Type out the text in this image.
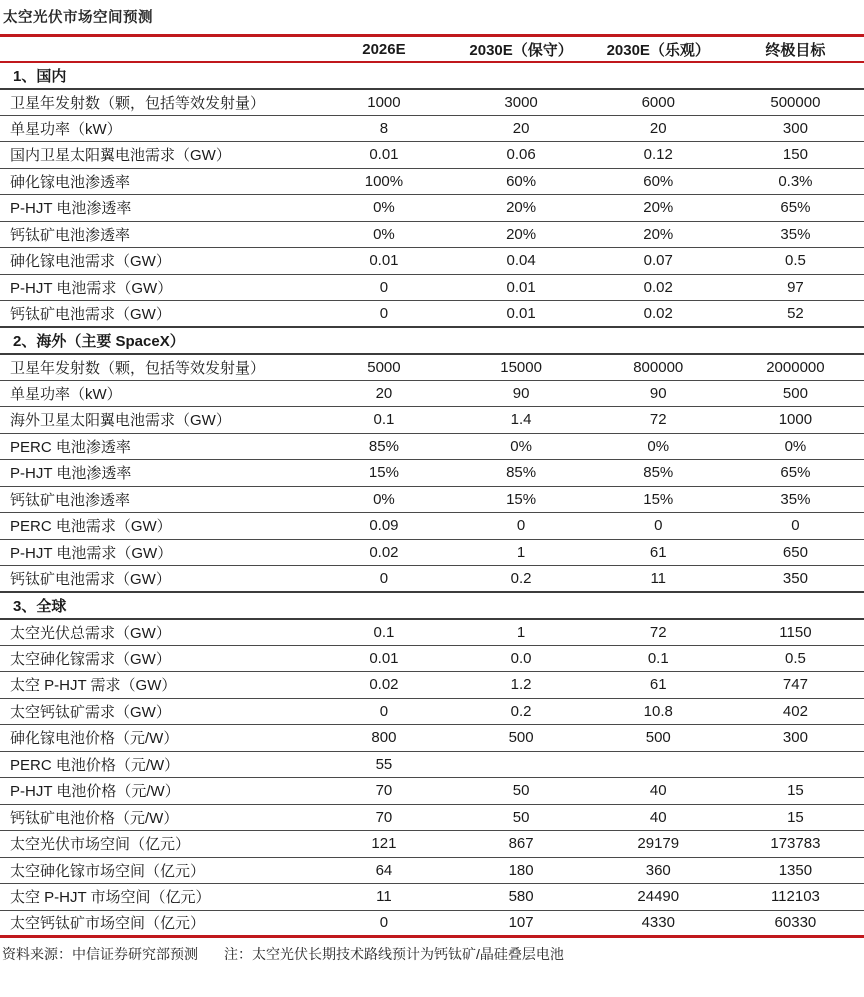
太空光伏市场空间预测
	2026E	2030E（保守）	2030E（乐观）	终极目标
1、国内				
卫星年发射数（颗，包括等效发射量）	1000	3000	6000	500000
单星功率（kW）	8	20	20	300
国内卫星太阳翼电池需求（GW）	0.01	0.06	0.12	150
砷化镓电池渗透率	100%	60%	60%	0.3%
P-HJT 电池渗透率	0%	20%	20%	65%
钙钛矿电池渗透率	0%	20%	20%	35%
砷化镓电池需求（GW）	0.01	0.04	0.07	0.5
P-HJT 电池需求（GW）	0	0.01	0.02	97
钙钛矿电池需求（GW）	0	0.01	0.02	52
2、海外（主要 SpaceX）				
卫星年发射数（颗，包括等效发射量）	5000	15000	800000	2000000
单星功率（kW）	20	90	90	500
海外卫星太阳翼电池需求（GW）	0.1	1.4	72	1000
PERC 电池渗透率	85%	0%	0%	0%
P-HJT 电池渗透率	15%	85%	85%	65%
钙钛矿电池渗透率	0%	15%	15%	35%
PERC 电池需求（GW）	0.09	0	0	0
P-HJT 电池需求（GW）	0.02	1	61	650
钙钛矿电池需求（GW）	0	0.2	11	350
3、全球				
太空光伏总需求（GW）	0.1	1	72	1150
太空砷化镓需求（GW）	0.01	0.0	0.1	0.5
太空 P-HJT 需求（GW）	0.02	1.2	61	747
太空钙钛矿需求（GW）	0	0.2	10.8	402
砷化镓电池价格（元/W）	800	500	500	300
PERC 电池价格（元/W）	55			
P-HJT 电池价格（元/W）	70	50	40	15
钙钛矿电池价格（元/W）	70	50	40	15
太空光伏市场空间（亿元）	121	867	29179	173783
太空砷化镓市场空间（亿元）	64	180	360	1350
太空 P-HJT 市场空间（亿元）	11	580	24490	112103
太空钙钛矿市场空间（亿元）	0	107	4330	60330
资料来源：中信证券研究部预测 注：太空光伏长期技术路线预计为钙钛矿/晶硅叠层电池
